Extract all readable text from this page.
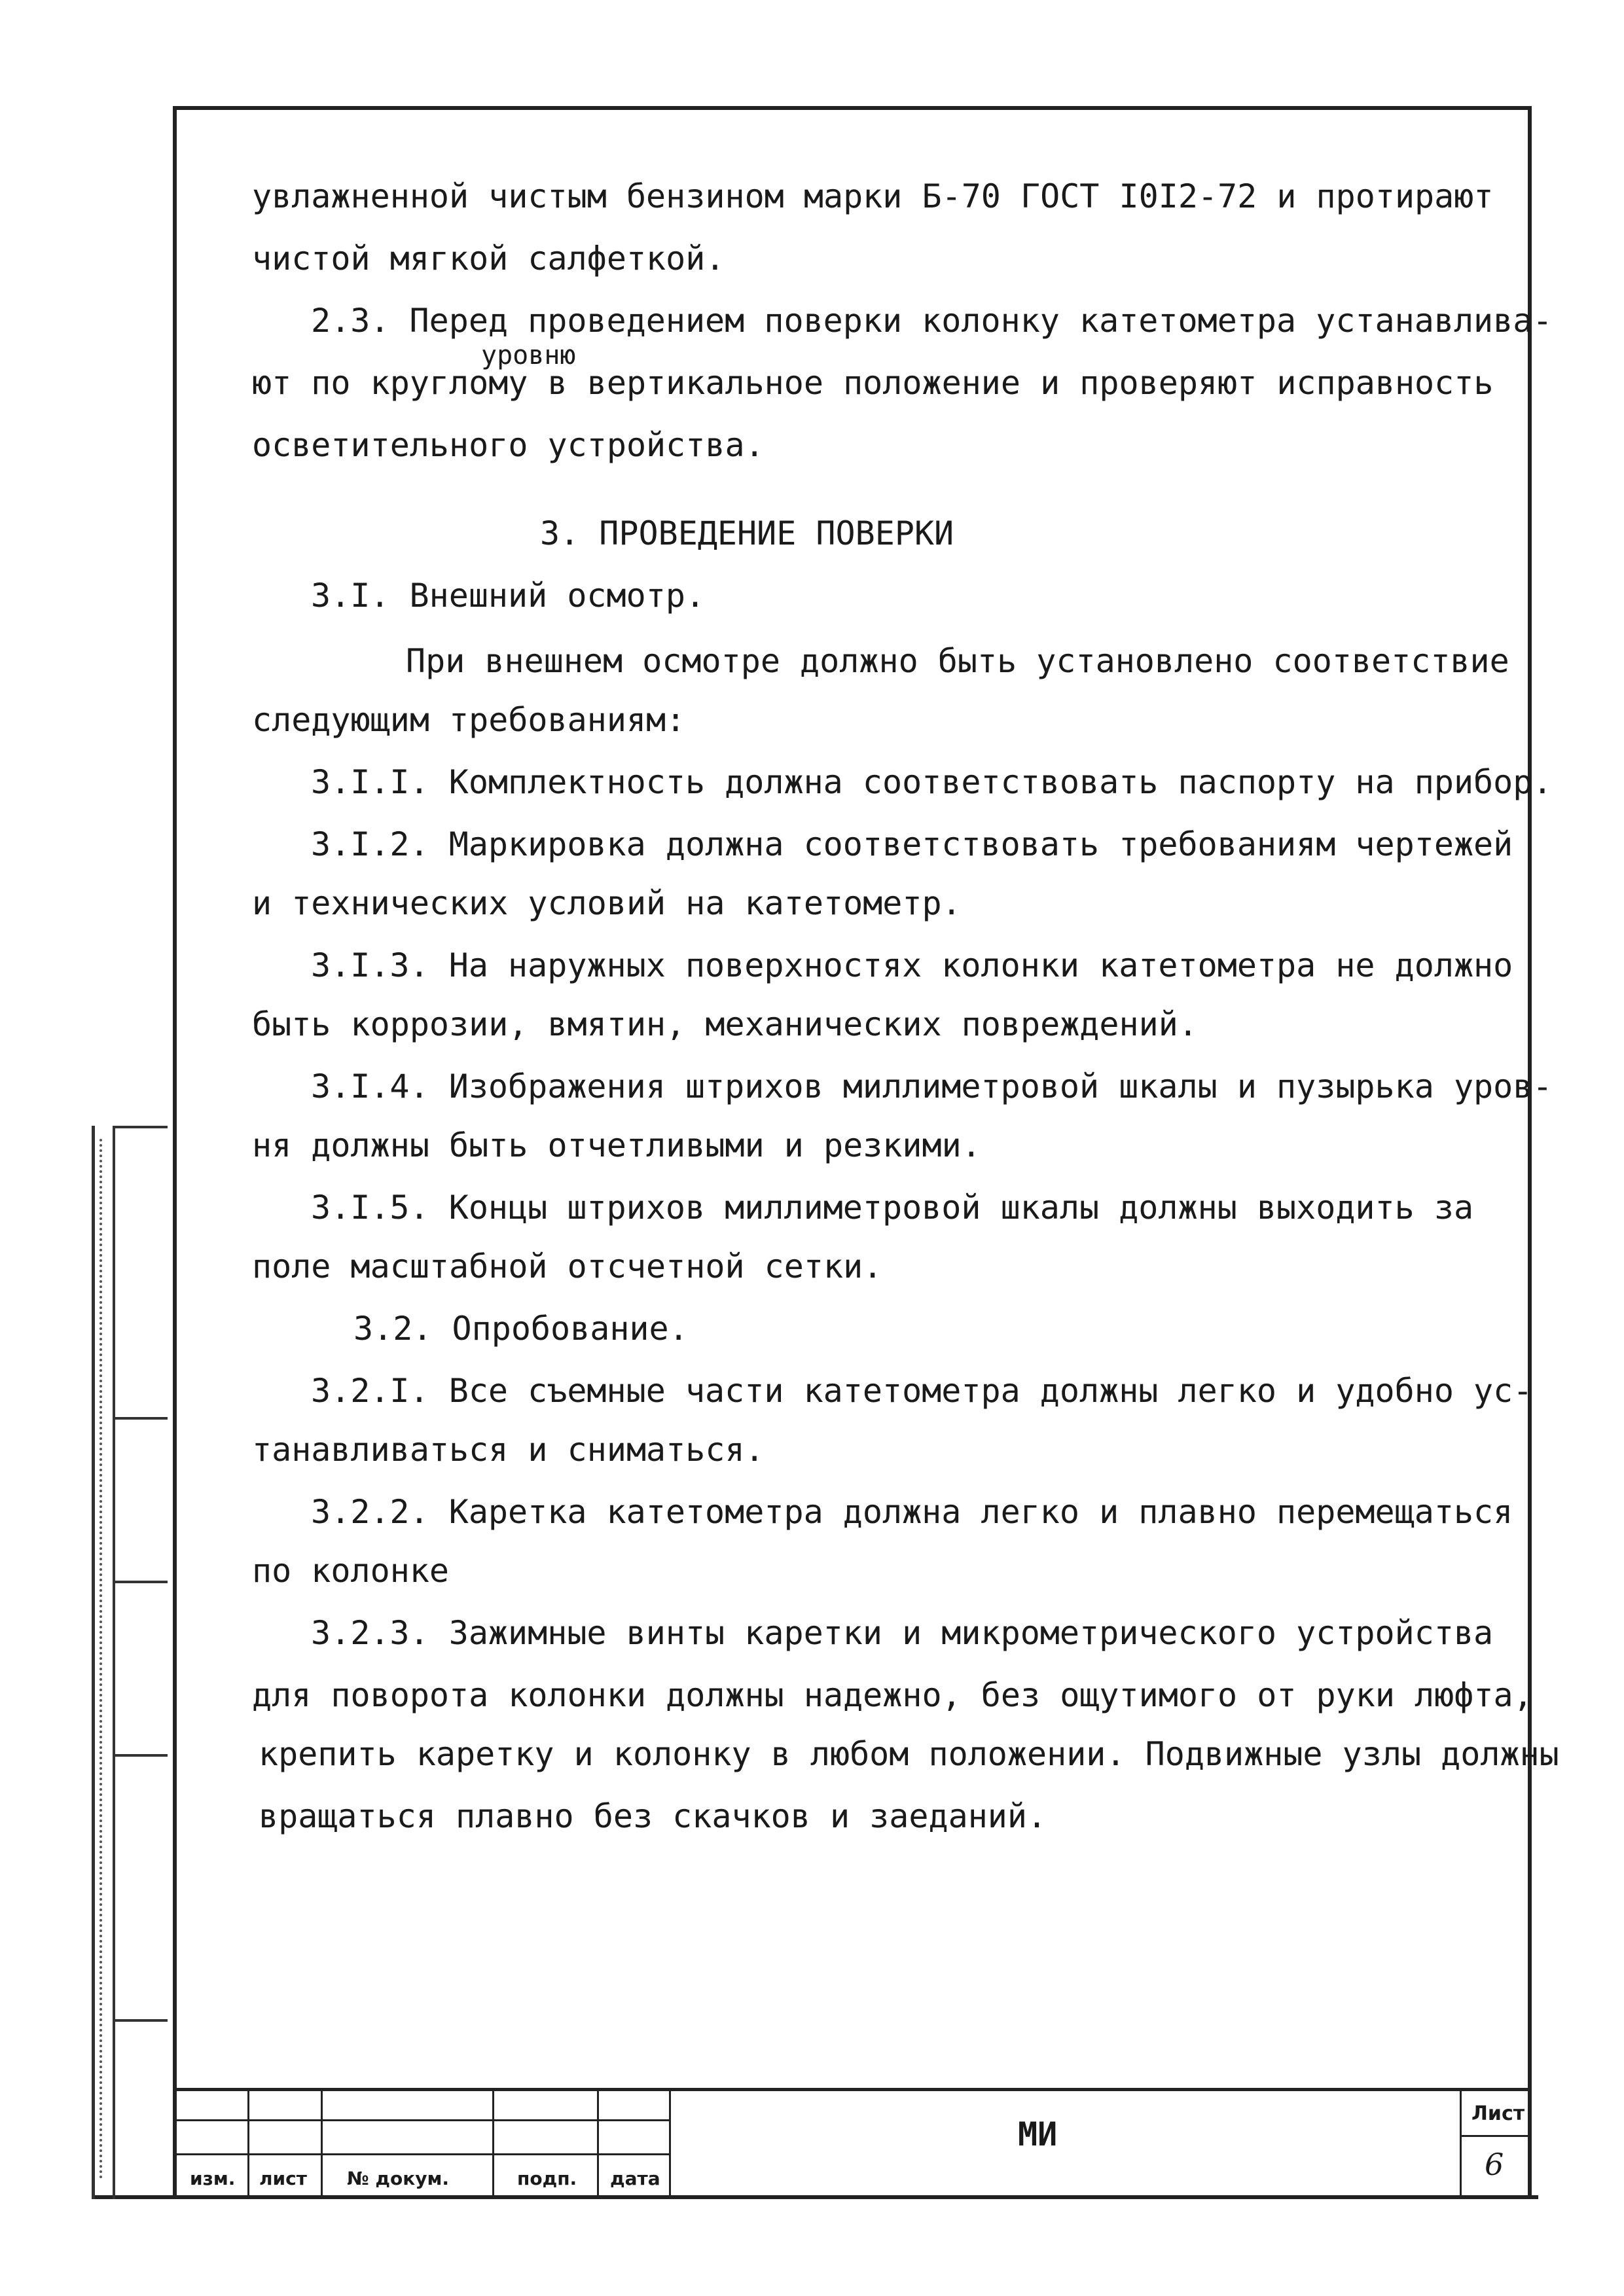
увлажненной чистым бензином марки Б-70 ГОСТ I0I2-72 и протирают
чистой мягкой салфеткой.
2.3. Перед проведением поверки колонку катетометра устанавлива-
уровню
ют по круглому в вертикальное положение и проверяют исправность
осветительного устройства.
3. ПРОВЕДЕНИЕ ПОВЕРКИ
3.I. Внешний осмотр.
При внешнем осмотре должно быть установлено соответствие
следующим требованиям:
3.I.I. Комплектность должна соответствовать паспорту на прибор.
3.I.2. Маркировка должна соответствовать требованиям чертежей
и технических условий на катетометр.
3.I.3. На наружных поверхностях колонки катетометра не должно
быть коррозии, вмятин, механических повреждений.
3.I.4. Изображения штрихов миллиметровой шкалы и пузырька уров-
ня должны быть отчетливыми и резкими.
3.I.5. Концы штрихов миллиметровой шкалы должны выходить за
поле масштабной отсчетной сетки.
3.2. Опробование.
3.2.I. Все съемные части катетометра должны легко и удобно ус-
танавливаться и сниматься.
3.2.2. Каретка катетометра должна легко и плавно перемещаться
по колонке
3.2.3. Зажимные винты каретки и микрометрического устройства
для поворота колонки должны надежно, без ощутимого от руки люфта,
крепить каретку и колонку в любом положении. Подвижные узлы должны
вращаться плавно без скачков и заеданий.
изм. лист № докум.	подп. дата
МИ
Лист
6
